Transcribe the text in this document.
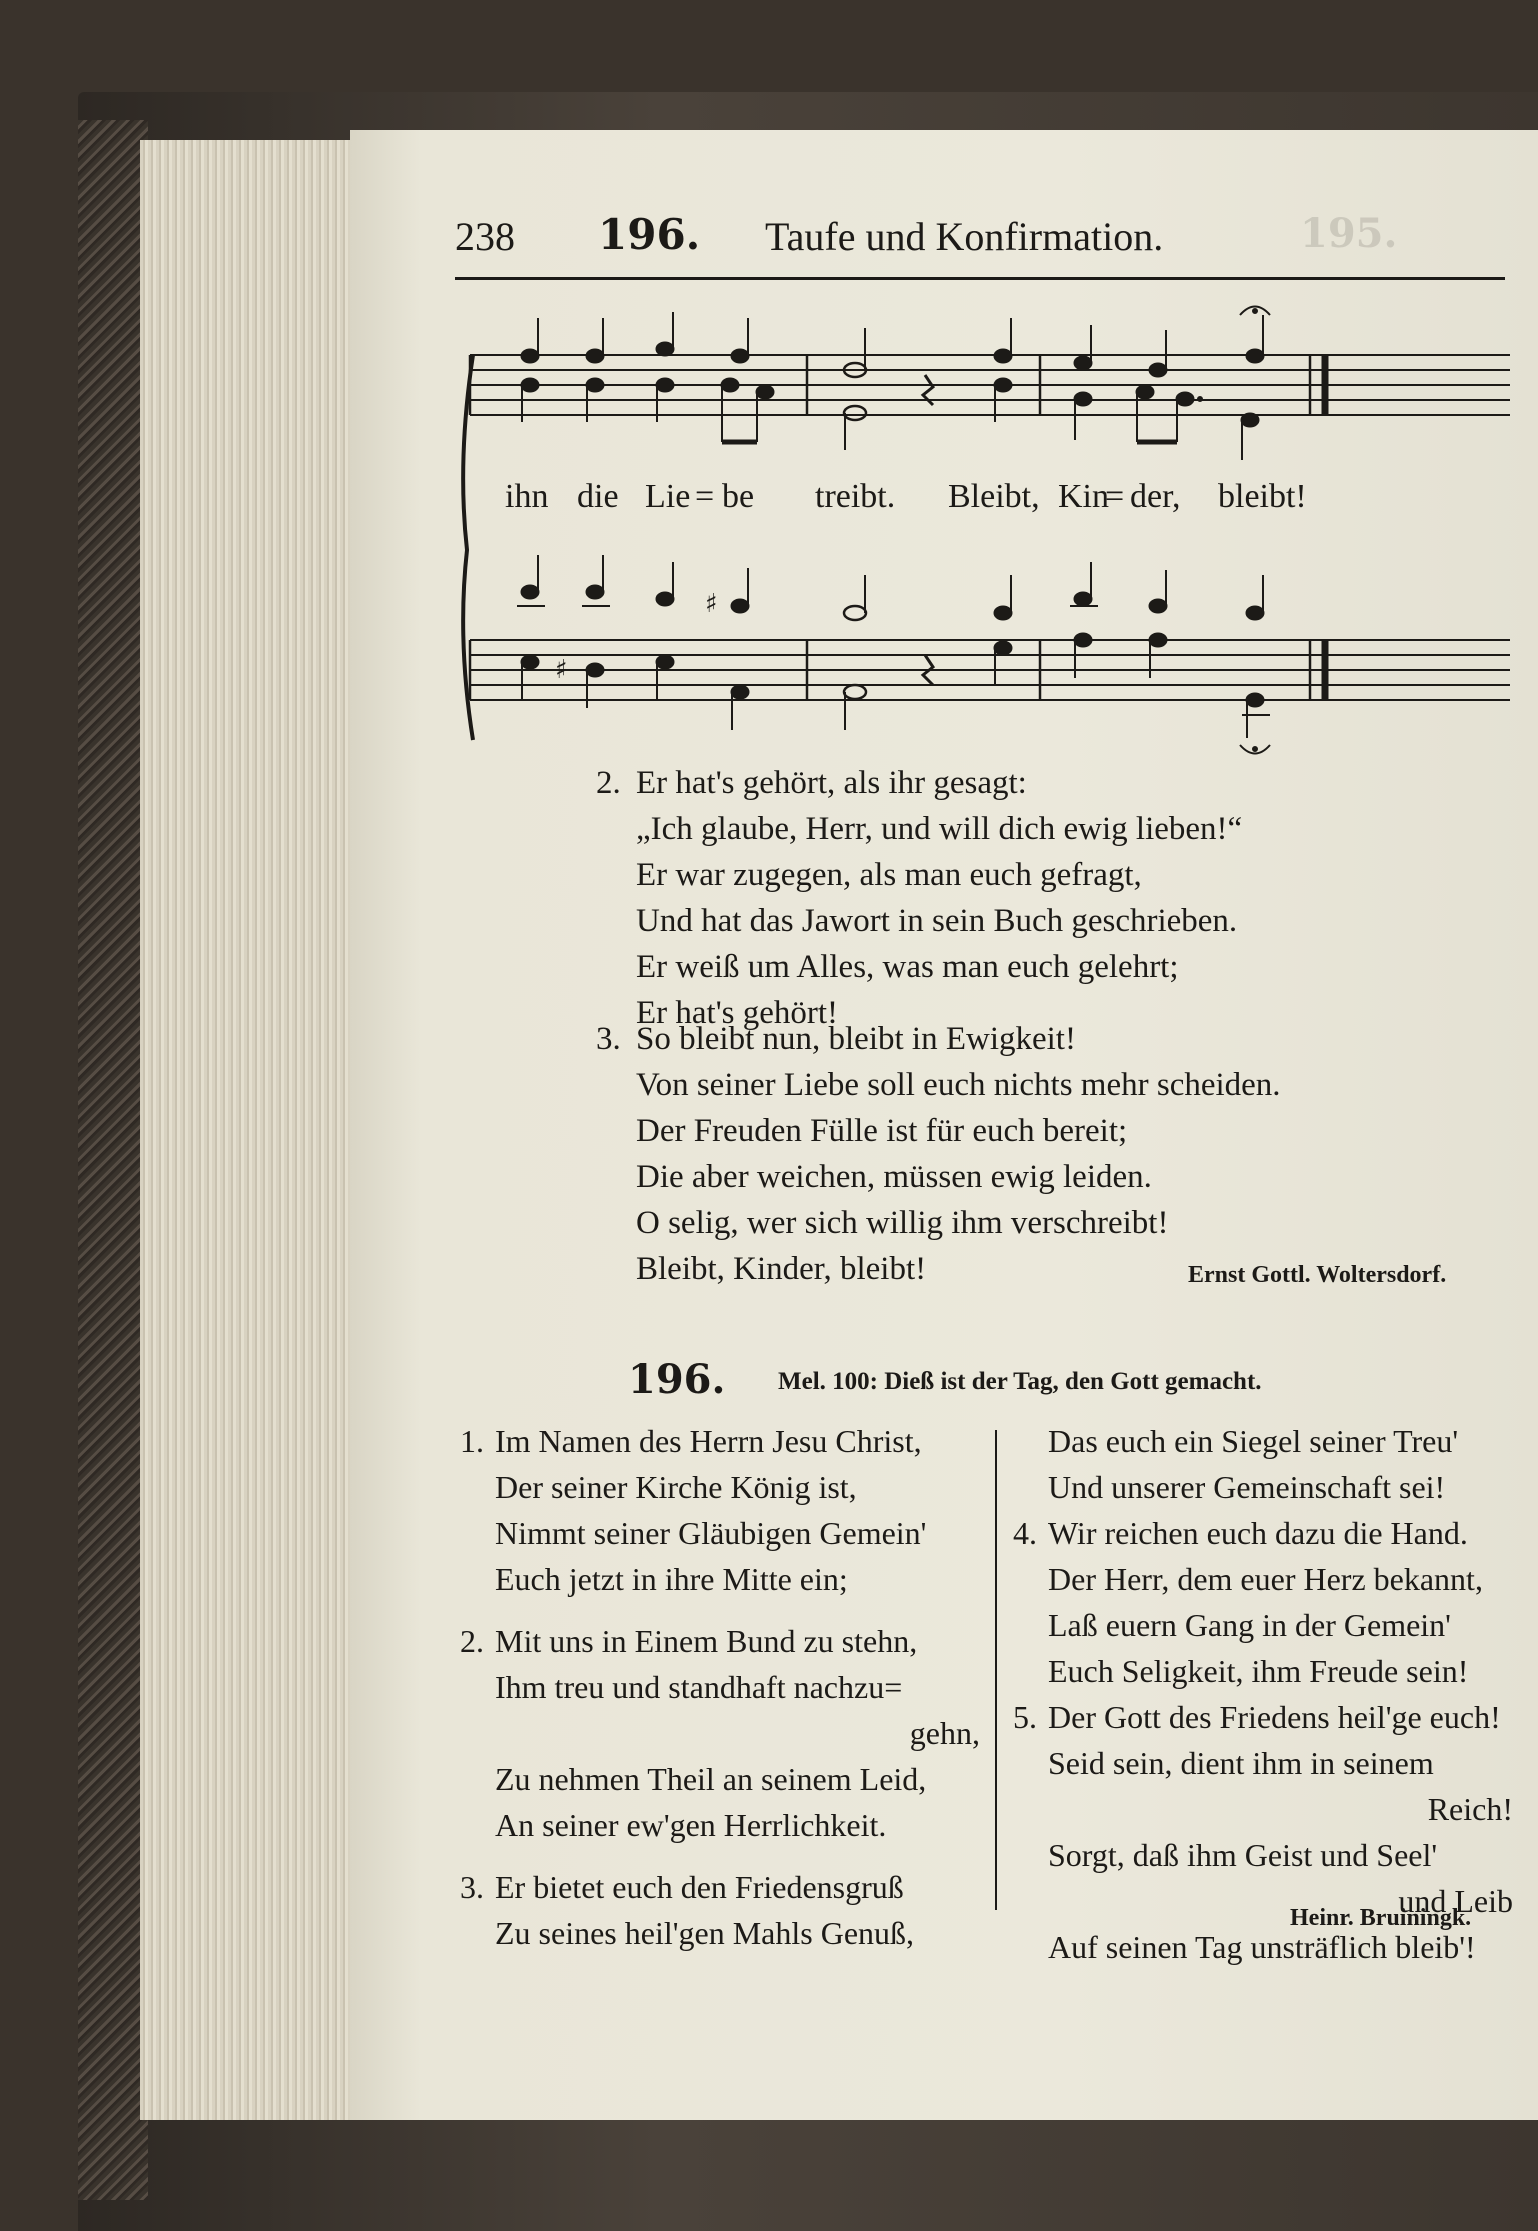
195.
238 196. Taufe und Konfirmation.
♯
♯
ihn die Lie = be treibt. Bleibt, Kin
= der, bleibt!
2. Er hat's gehört, als ihr gesagt:
„Ich glaube, Herr, und will dich ewig lieben!“
Er war zugegen, als man euch gefragt,
Und hat das Jawort in sein Buch geschrieben.
Er weiß um Alles, was man euch gelehrt;
Er hat's gehört!
3. So bleibt nun, bleibt in Ewigkeit!
Von seiner Liebe soll euch nichts mehr scheiden.
Der Freuden Fülle ist für euch bereit;
Die aber weichen, müssen ewig leiden.
O selig, wer sich willig ihm verschreibt!
Bleibt, Kinder, bleibt!	Ernst Gottl. Woltersdorf.
196. Mel. 100: Dieß ist der Tag, den Gott gemacht.
1. Im Namen des Herrn Jesu Christ,
Der seiner Kirche König ist,
Nimmt seiner Gläubigen Gemein'
Euch jetzt in ihre Mitte ein;
2. Mit uns in Einem Bund zu stehn,
Ihm treu und standhaft nachzu=
gehn,
Zu nehmen Theil an seinem Leid,
An seiner ew'gen Herrlichkeit.
3. Er bietet euch den Friedensgruß
Zu seines heil'gen Mahls Genuß,
Das euch ein Siegel seiner Treu'
Und unserer Gemeinschaft sei!
4. Wir reichen euch dazu die Hand.
Der Herr, dem euer Herz bekannt,
Laß euern Gang in der Gemein'
Euch Seligkeit, ihm Freude sein!
5. Der Gott des Friedens heil'ge euch!
Seid sein, dient ihm in seinem
Reich!
Sorgt, daß ihm Geist und Seel'
und Leib
Auf seinen Tag unsträflich bleib'!
Heinr. Bruiningk.
